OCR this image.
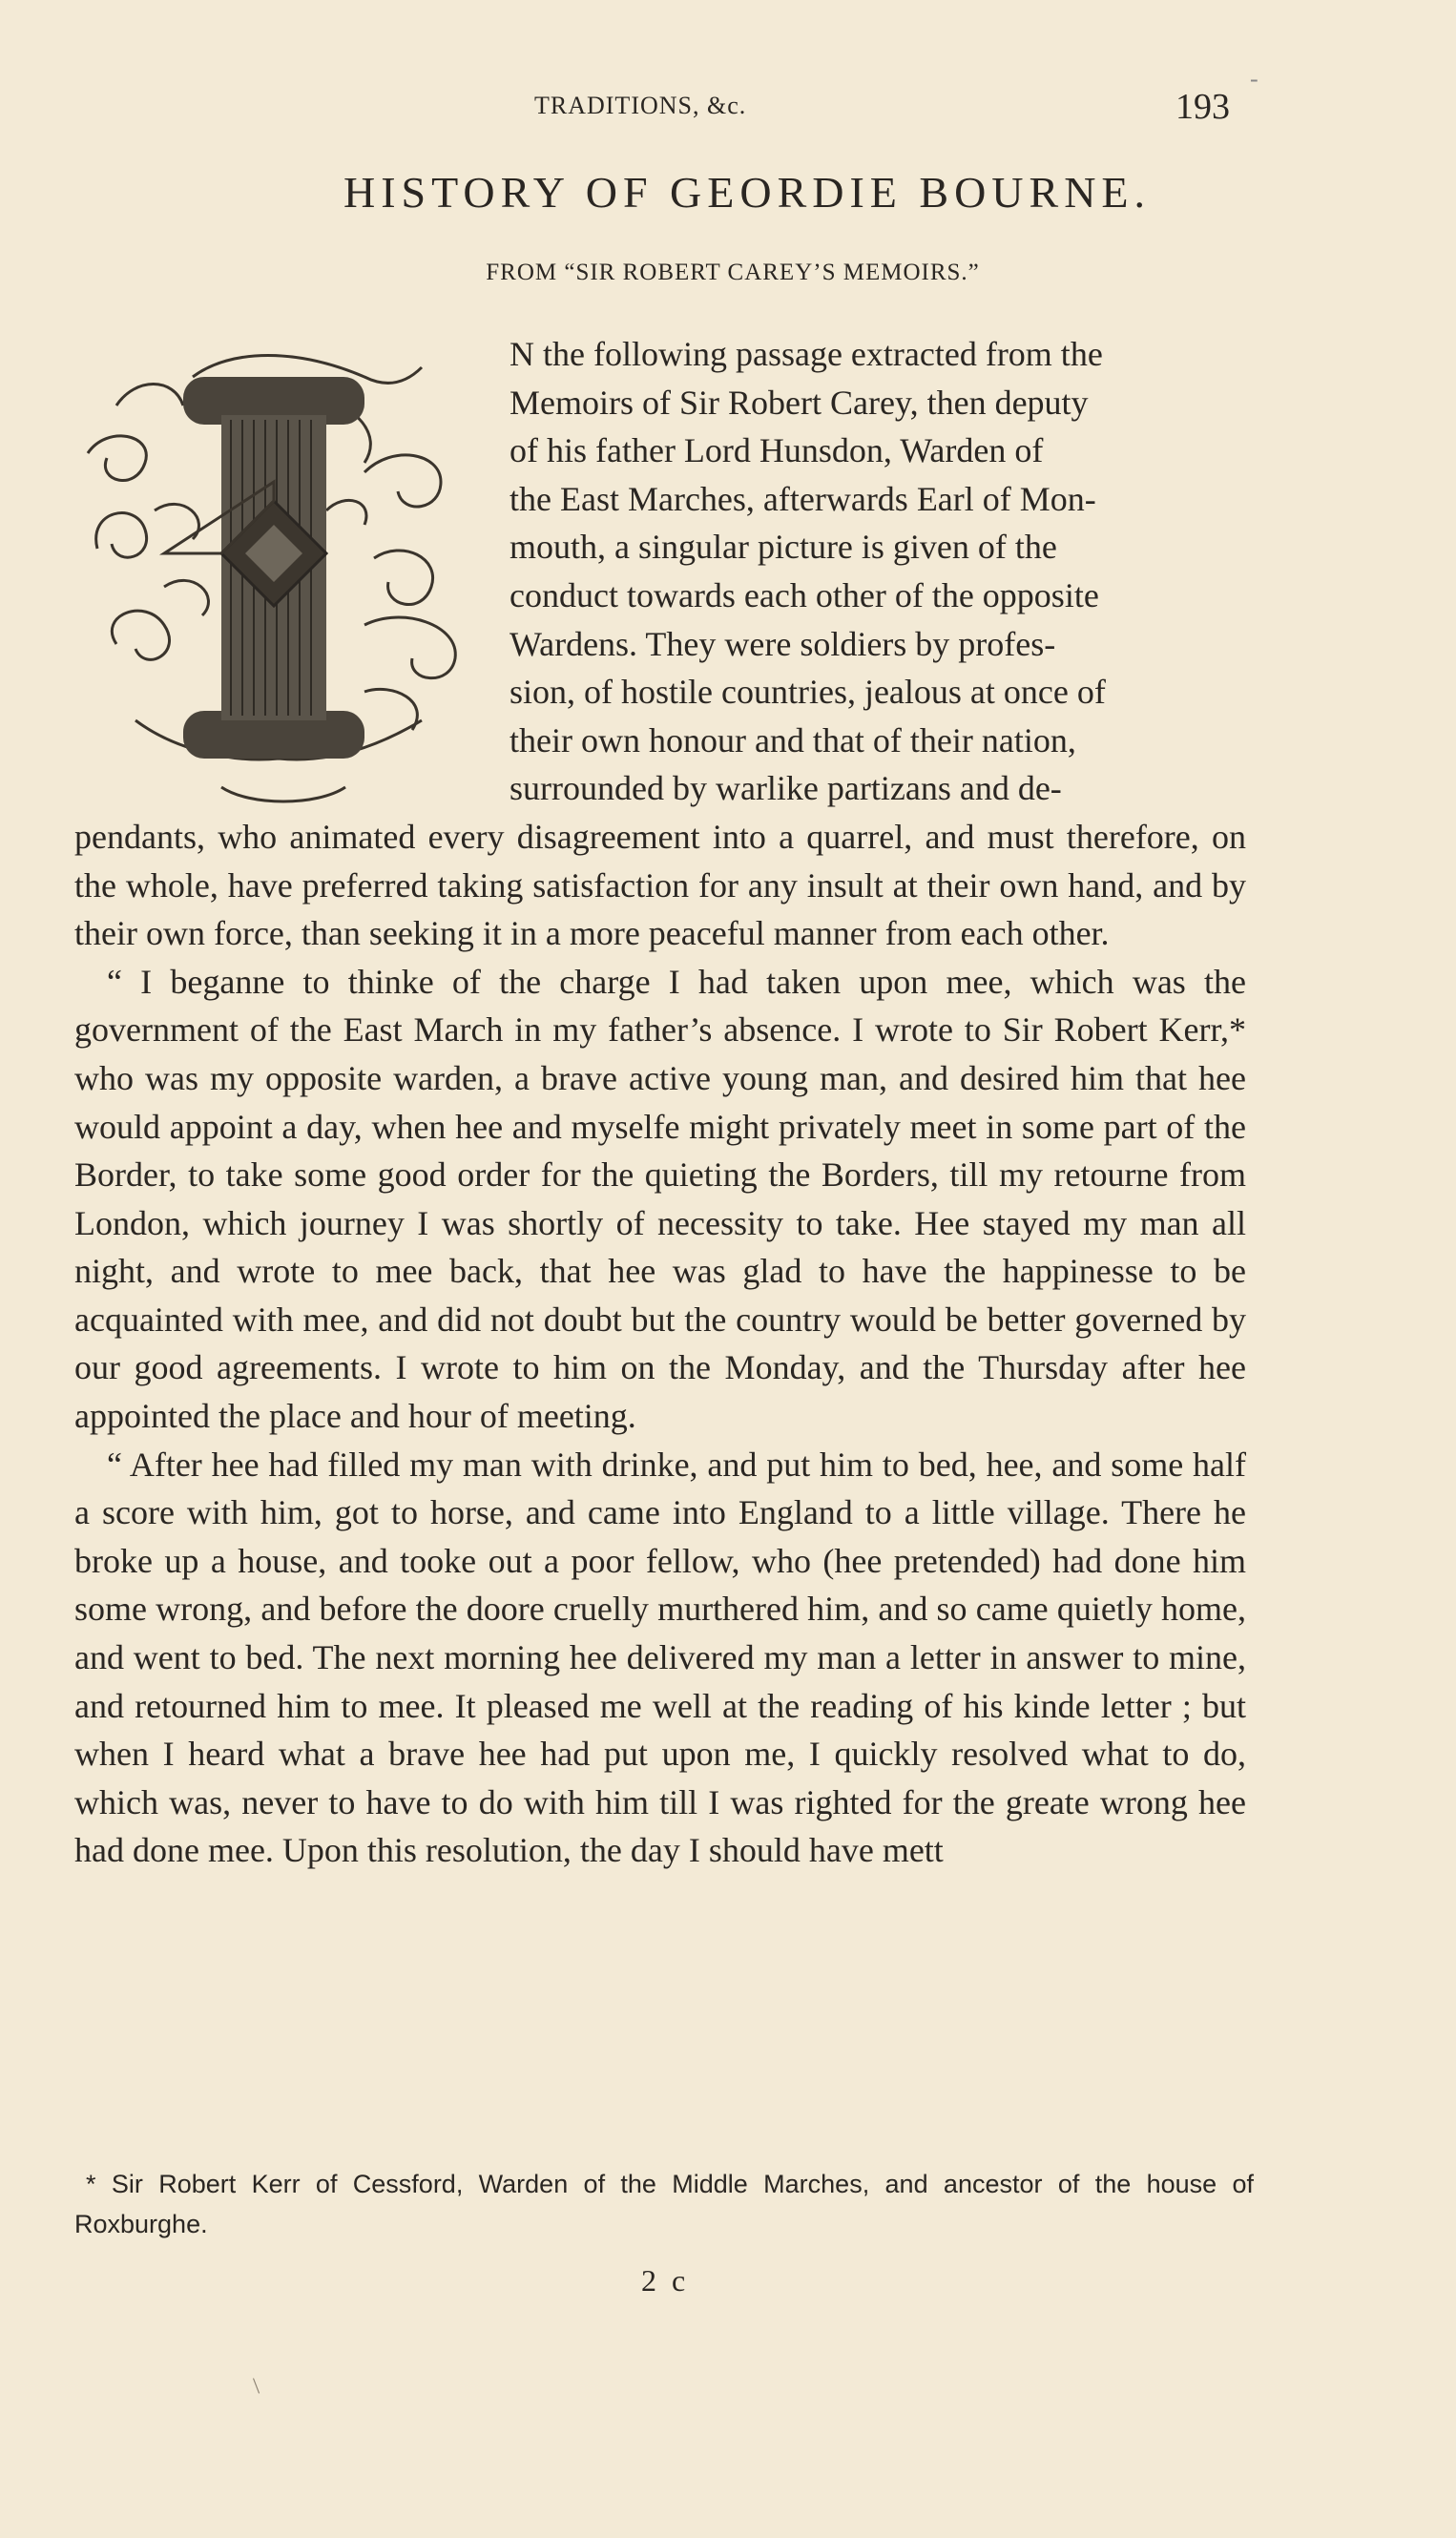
TRADITIONS, &c.	193
-
HISTORY OF GEORDIE BOURNE.
FROM “SIR ROBERT CAREY’S MEMOIRS.”
N the following passage extracted from the
Memoirs of Sir Robert Carey, then deputy
of his father Lord Hunsdon, Warden of
the East Marches, afterwards Earl of Mon-
mouth, a singular picture is given of the
conduct towards each other of the opposite
Wardens. They were soldiers by profes-
sion, of hostile countries, jealous at once of
their own honour and that of their nation,
surrounded by warlike partizans and de-

pendants, who animated every disagreement into a quarrel, and must therefore, on the whole, have preferred taking satisfaction for any insult at their own hand, and by their own force, than seeking it in a more peaceful manner from each other.

“ I beganne to thinke of the charge I had taken upon mee, which was the government of the East March in my father’s absence. I wrote to Sir Robert Kerr,* who was my opposite warden, a brave active young man, and desired him that hee would appoint a day, when hee and myselfe might privately meet in some part of the Border, to take some good order for the quieting the Borders, till my retourne from London, which journey I was shortly of necessity to take. Hee stayed my man all night, and wrote to mee back, that hee was glad to have the happinesse to be acquainted with mee, and did not doubt but the country would be better governed by our good agreements. I wrote to him on the Monday, and the Thursday after hee appointed the place and hour of meeting.

“ After hee had filled my man with drinke, and put him to bed, hee, and some half a score with him, got to horse, and came into England to a little village. There he broke up a house, and tooke out a poor fellow, who (hee pretended) had done him some wrong, and before the doore cruelly murthered him, and so came quietly home, and went to bed. The next morning hee delivered my man a letter in answer to mine, and retourned him to mee. It pleased me well at the reading of his kinde letter ; but when I heard what a brave hee had put upon me, I quickly resolved what to do, which was, never to have to do with him till I was righted for the greate wrong hee had done mee. Upon this resolution, the day I should have mett

* Sir Robert Kerr of Cessford, Warden of the Middle Marches, and ancestor of the house of Roxburghe.
2 c
/
